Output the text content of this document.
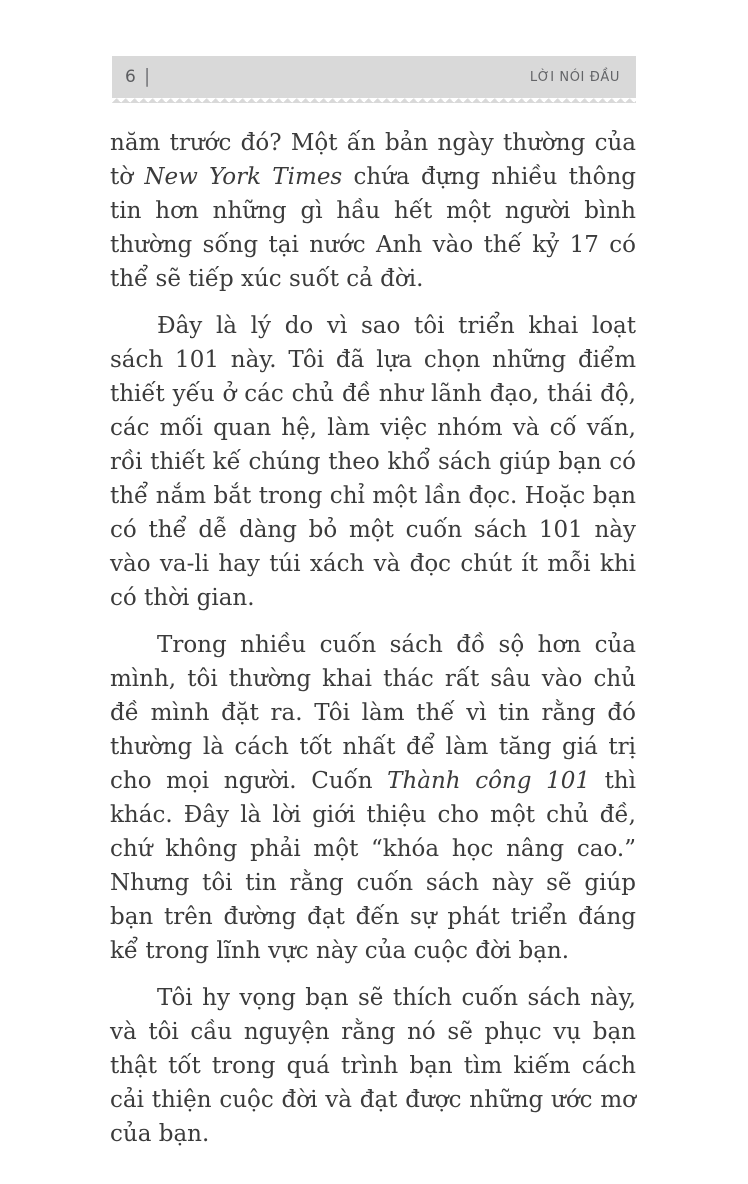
6 |	LỜI NÓI ĐẦU

năm trước đó? Một ấn bản ngày thường của tờ New York Times chứa đựng nhiều thông tin hơn những gì hầu hết một người bình thường sống tại nước Anh vào thế kỷ 17 có thể sẽ tiếp xúc suốt cả đời.

Đây là lý do vì sao tôi triển khai loạt sách 101 này. Tôi đã lựa chọn những điểm thiết yếu ở các chủ đề như lãnh đạo, thái độ, các mối quan hệ, làm việc nhóm và cố vấn, rồi thiết kế chúng theo khổ sách giúp bạn có thể nắm bắt trong chỉ một lần đọc. Hoặc bạn có thể dễ dàng bỏ một cuốn sách 101 này vào va-li hay túi xách và đọc chút ít mỗi khi có thời gian.

Trong nhiều cuốn sách đồ sộ hơn của mình, tôi thường khai thác rất sâu vào chủ đề mình đặt ra. Tôi làm thế vì tin rằng đó thường là cách tốt nhất để làm tăng giá trị cho mọi người. Cuốn Thành công 101 thì khác. Đây là lời giới thiệu cho một chủ đề, chứ không phải một “khóa học nâng cao.” Nhưng tôi tin rằng cuốn sách này sẽ giúp bạn trên đường đạt đến sự phát triển đáng kể trong lĩnh vực này của cuộc đời bạn.

Tôi hy vọng bạn sẽ thích cuốn sách này, và tôi cầu nguyện rằng nó sẽ phục vụ bạn thật tốt trong quá trình bạn tìm kiếm cách cải thiện cuộc đời và đạt được những ước mơ của bạn.
